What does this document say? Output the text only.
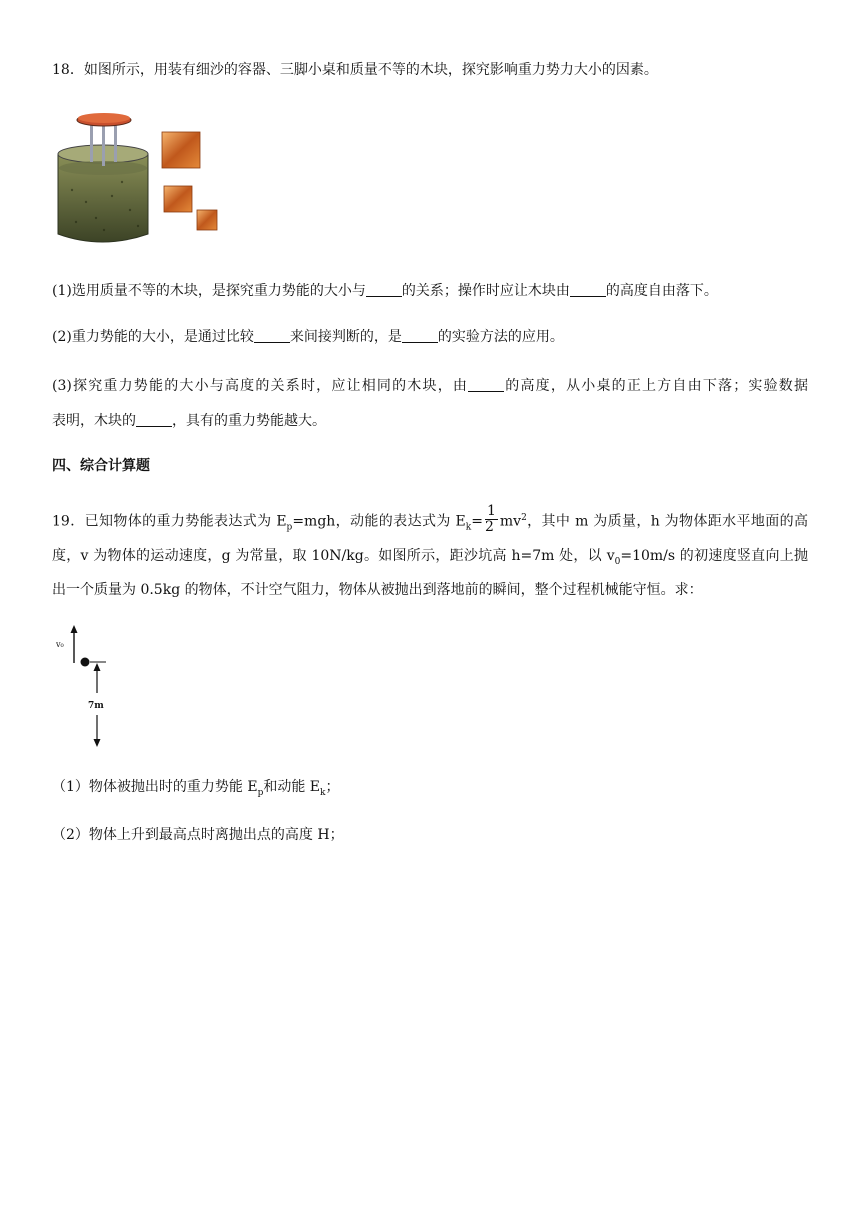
18．如图所示，用装有细沙的容器、三脚小桌和质量不等的木块，探究影响重力势力大小的因素。
(1)选用质量不等的木块，是探究重力势能的大小与	的关系；操作时应让木块由	的高度自由落下。
(2)重力势能的大小，是通过比较	来间接判断的，是	的实验方法的应用。
(3)探究重力势能的大小与高度的关系时，应让相同的木块，由	的高度，从小桌的正上方自由下落；实验数据
表明，木块的	，具有的重力势能越大。
四、综合计算题
19．已知物体的重力势能表达式为 $E_p=mgh$，动能的表达式为 $E_k= \frac{1}{2} mv^2$，其中 m 为质量，h 为物体距水平地面的高
度，v 为物体的运动速度，g 为常量，取 10N/kg。如图所示，距沙坑高 h=7m 处，以 $v_0=10m/s$ 的初速度竖直向上抛
出一个质量为 0.5kg 的物体，不计空气阻力，物体从被抛出到落地前的瞬间，整个过程机械能守恒。求：
v₀
7m
（1）物体被抛出时的重力势能 $E_p$和动能 $E_k$；
（2）物体上升到最高点时离抛出点的高度 H；
